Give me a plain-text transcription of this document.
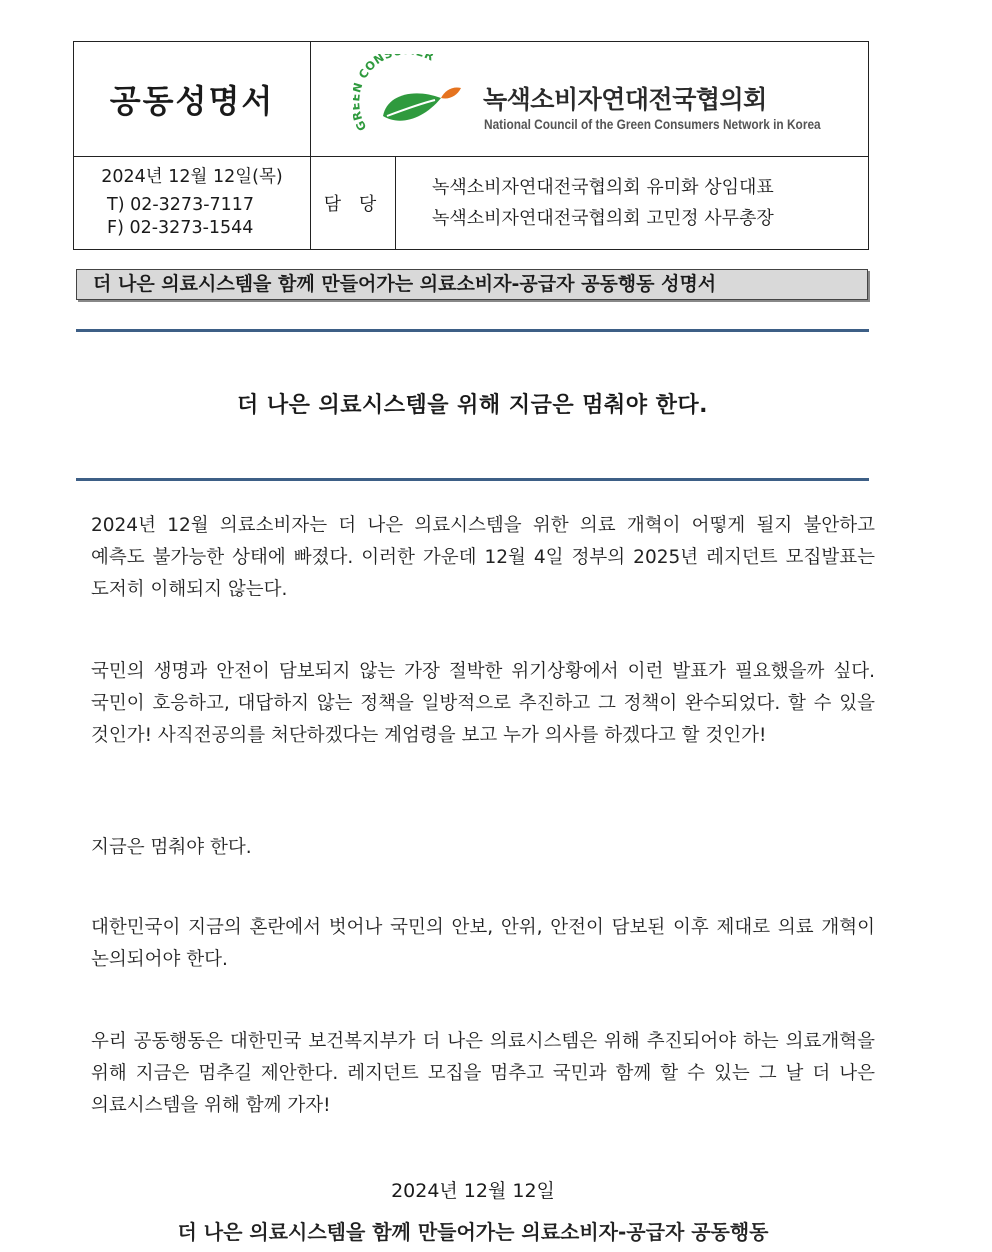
공동성명서	G CON R
녹색소비자연대전국협의회
National Council of the Green Consumers Network in Korea	

2024년 12월 12일(목)
T) 02-3273-7117
F) 02-3273-1544	담 당	녹색소비자연대전국협의회 유미화 상임대표
녹색소비자연대전국협의회 고민정 사무총장
더 나은 의료시스템을 함께 만들어가는 의료소비자-공급자 공동행동 성명서
더 나은 의료시스템을 위해 지금은 멈춰야 한다.

2024년 12월 의료소비자는 더 나은 의료시스템을 위한 의료 개혁이 어떻게 될지 불안하고 예측도 불가능한 상태에 빠졌다. 이러한 가운데 12월 4일 정부의 2025년 레지던트 모집발표는 도저히 이해되지 않는다.

국민의 생명과 안전이 담보되지 않는 가장 절박한 위기상황에서 이런 발표가 필요했을까 싶다. 국민이 호응하고, 대답하지 않는 정책을 일방적으로 추진하고 그 정책이 완수되었다. 할 수 있을 것인가! 사직전공의를 처단하겠다는 계엄령을 보고 누가 의사를 하겠다고 할 것인가!

지금은 멈춰야 한다.

대한민국이 지금의 혼란에서 벗어나 국민의 안보, 안위, 안전이 담보된 이후 제대로 의료 개혁이 논의되어야 한다.

우리 공동행동은 대한민국 보건복지부가 더 나은 의료시스템은 위해 추진되어야 하는 의료개혁을 위해 지금은 멈추길 제안한다. 레지던트 모집을 멈추고 국민과 함께 할 수 있는 그 날 더 나은 의료시스템을 위해 함께 가자!

2024년 12월 12일
더 나은 의료시스템을 함께 만들어가는 의료소비자-공급자 공동행동
